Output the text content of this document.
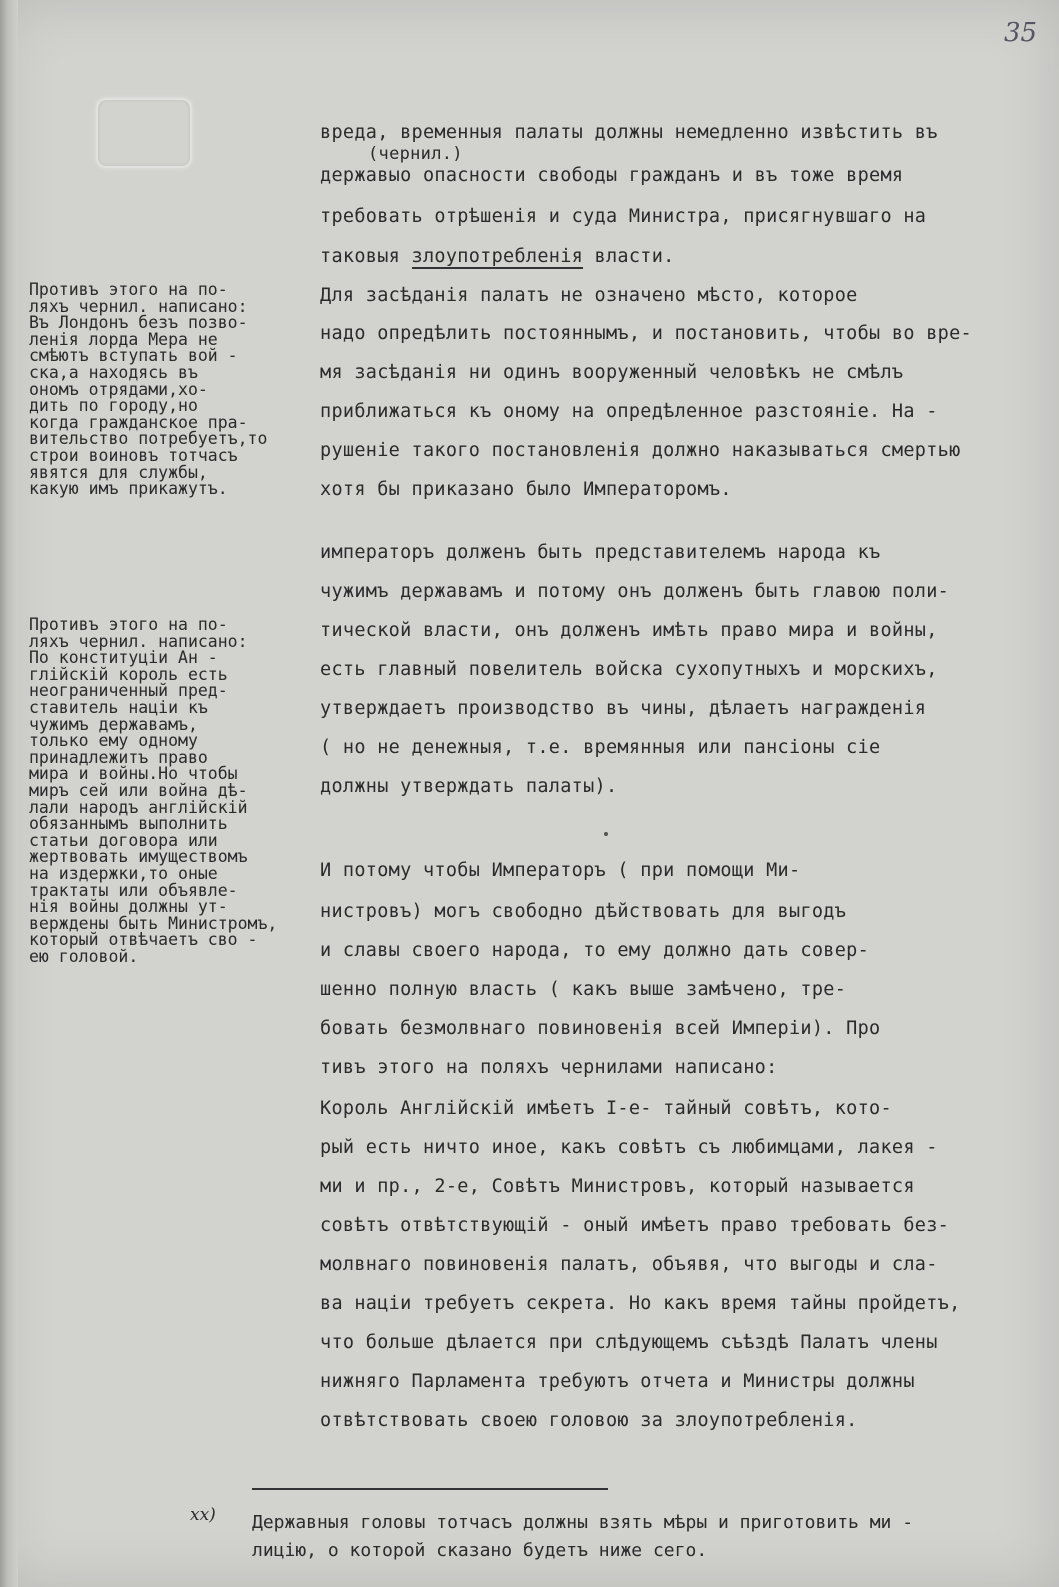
35
вреда, временныя палаты должны немедленно извѣстить въ
(чернил.)
державыо опасности свободы гражданъ и въ тоже время
требовать отрѣшенія и суда Министра, присягнувшаго на
таковыя злоупотребленія власти.
Для засѣданія палатъ не означено мѣсто, которое
надо опредѣлить постояннымъ, и постановить, чтобы во вре-
мя засѣданія ни одинъ вооруженный человѣкъ не смѣлъ
приближаться къ оному на опредѣленное разстояніе. На -
рушеніе такого постановленія должно наказываться смертью
хотя бы приказано было Императоромъ.
императоръ долженъ быть представителемъ народа къ
чужимъ державамъ и потому онъ долженъ быть главою поли-
тической власти, онъ долженъ имѣть право мира и войны,
есть главный повелитель войска сухопутныхъ и морскихъ,
утверждаетъ производство въ чины, дѣлаетъ награжденія
( но не денежныя, т.е. времянныя или пансіоны сіе
должны утверждать палаты).
И потому чтобы Императоръ ( при помощи Ми-
нистровъ) могъ свободно дѣйствовать для выгодъ
и славы своего народа, то ему должно дать совер-
шенно полную власть ( какъ выше замѣчено, тре-
бовать безмолвнаго повиновенія всей Имперіи). Про
тивъ этого на поляхъ чернилами написано:
Король Англійскій имѣетъ I-е- тайный совѣтъ, кото-
рый есть ничто иное, какъ совѣтъ съ любимцами, лакея -
ми и пр., 2-е, Совѣтъ Министровъ, который называется
совѣтъ отвѣтствующій - оный имѣетъ право требовать без-
молвнаго повиновенія палатъ, объявя, что выгоды и сла-
ва націи требуетъ секрета. Но какъ время тайны пройдетъ,
что больше дѣлается при слѣдующемъ съѣздѣ Палатъ члены
нижняго Парламента требуютъ отчета и Министры должны
отвѣтствовать своею головою за злоупотребленія.
Противъ этого на по-
ляхъ чернил. написано:
Въ Лондонъ безъ позво-
ленія лорда Мера не
смѣютъ вступать вой -
ска,а находясь въ
ономъ отрядами,хо-
дить по городу,но
когда гражданское пра-
вительство потребуетъ,то
строи воиновъ тотчасъ
явятся для службы,
какую имъ прикажутъ.
Противъ этого на по-
ляхъ чернил. написано:
По конституціи Ан -
глійскій король есть
неограниченный пред-
ставитель націи къ
чужимъ державамъ,
только ему одному
принадлежитъ право
мира и войны.Но чтобы
миръ сей или война дѣ-
лали народъ англійскій
обязаннымъ выполнить
статьи договора или
жертвовать имуществомъ
на издержки,то оные
трактаты или объявле-
нія войны должны ут-
верждены быть Министромъ,
который отвѣчаетъ сво -
ею головой.
хх) Державныя головы тотчасъ должны взять мѣры и приготовить ми -
лицію, о которой сказано будетъ ниже сего.
